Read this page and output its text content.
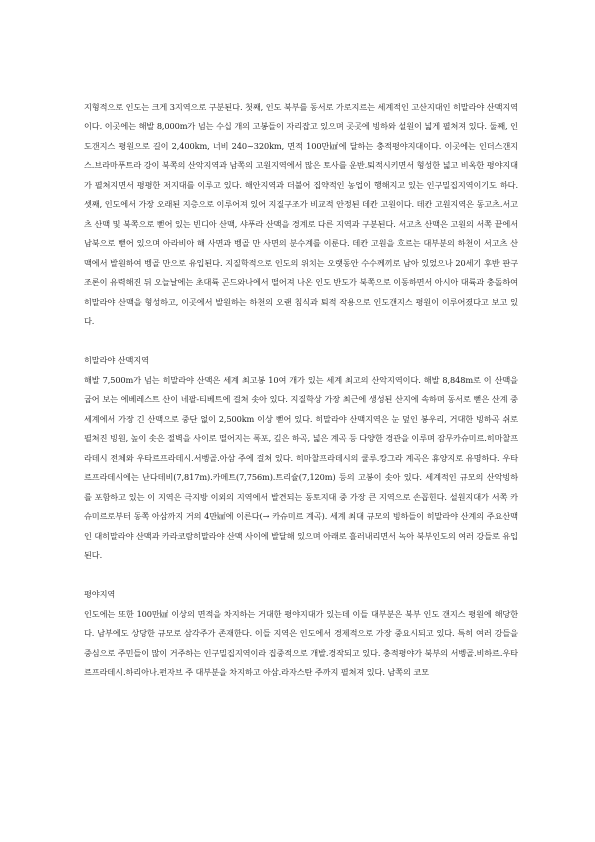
지형적으로 인도는 크게 3지역으로 구분된다. 첫째, 인도 북부를 동서로 가로지르는 세계적인 고산지대인 히말라야 산맥지역이다. 이곳에는 해발 8,000m가 넘는 수십 개의 고봉들이 자리잡고 있으며 곳곳에 빙하와 설원이 넓게 펼쳐져 있다. 둘째, 인도갠지스 평원으로 길이 2,400km, 너비 240~320km, 면적 100만㎢에 달하는 충적평야지대이다. 이곳에는 인더스갠지스.브라마푸트라 강이 북쪽의 산악지역과 남쪽의 고원지역에서 많은 토사를 운반.퇴적시키면서 형성한 넓고 비옥한 평야지대가 펼쳐지면서 평평한 저지대를 이루고 있다. 해안지역과 더불어 집약적인 농업이 행해지고 있는 인구밀집지역이기도 하다. 셋째, 인도에서 가장 오래된 지층으로 이루어져 있어 지질구조가 비교적 안정된 데칸 고원이다. 데칸 고원지역은 동고츠.서고츠 산맥 및 북쪽으로 뻗어 있는 빈디아 산맥, 샤푸라 산맥을 경계로 다른 지역과 구분된다. 서고츠 산맥은 고원의 서쪽 끝에서 남북으로 뻗어 있으며 아라비아 해 사면과 벵골 만 사면의 분수계를 이룬다. 데칸 고원을 흐르는 대부분의 하천이 서고츠 산맥에서 발원하여 벵골 만으로 유입된다. 지질학적으로 인도의 위치는 오랫동안 수수께끼로 남아 있었으나 20세기 후반 판구조론이 유력해진 뒤 오늘날에는 초대륙 곤드와나에서 떨어져 나온 인도 반도가 북쪽으로 이동하면서 아시아 대륙과 충돌하여 히말라야 산맥을 형성하고, 이곳에서 발원하는 하천의 오랜 침식과 퇴적 작용으로 인도갠지스 평원이 이루어졌다고 보고 있다.

히말라야 산맥지역

해발 7,500m가 넘는 히말라야 산맥은 세계 최고봉 10여 개가 있는 세계 최고의 산악지역이다. 해발 8,848m로 이 산맥을 굽어 보는 에베레스트 산이 네팔-티베트에 걸쳐 솟아 있다. 지질학상 가장 최근에 생성된 산지에 속하며 동서로 뻗은 산계 중 세계에서 가장 긴 산맥으로 중단 없이 2,500km 이상 뻗어 있다. 히말라야 산맥지역은 눈 덮인 봉우리, 거대한 빙하곡 쉬로 펼쳐진 빙원, 높이 솟은 절벽을 사이로 떨어지는 폭포, 깊은 하곡, 넓은 계곡 등 다양한 경관을 이루며 잠무카슈미르.히마찰프라데시 전체와 우타르프라데시.서벵골.아삼 주에 걸쳐 있다. 히마찰프라데시의 쿨루.캉그라 계곡은 휴양지로 유명하다. 우타르프라데시에는 난다데비(7,817m).카메트(7,756m).트리슐(7,120m) 등의 고봉이 솟아 있다. 세계적인 규모의 산악빙하를 포함하고 있는 이 지역은 극지방 이외의 지역에서 발견되는 동토지대 중 가장 큰 지역으로 손꼽힌다. 설원지대가 서쪽 카슈미르로부터 동쪽 아삼까지 거의 4만㎢에 이른다(→ 카슈미르 계곡). 세계 최대 규모의 빙하들이 히말라야 산계의 주요산맥인 대히말라야 산맥과 카라코람히말라야 산맥 사이에 발달해 있으며 아래로 흘러내리면서 녹아 북부인도의 여러 강들로 유입된다.

평야지역

인도에는 또한 100만㎢ 이상의 면적을 차지하는 거대한 평야지대가 있는데 이들 대부분은 북부 인도 갠지스 평원에 해당한다. 남부에도 상당한 규모로 삼각주가 존재한다. 이들 지역은 인도에서 경제적으로 가장 중요시되고 있다. 특히 여러 강들을 중심으로 주민들이 많이 거주하는 인구밀집지역이라 집중적으로 개발.경작되고 있다. 충적평야가 북부의 서벵골.비하르.우타르프라데시.하리아나.펀자브 주 대부분을 차지하고 아삼.라자스탄 주까지 펼쳐져 있다. 남쪽의 코모
